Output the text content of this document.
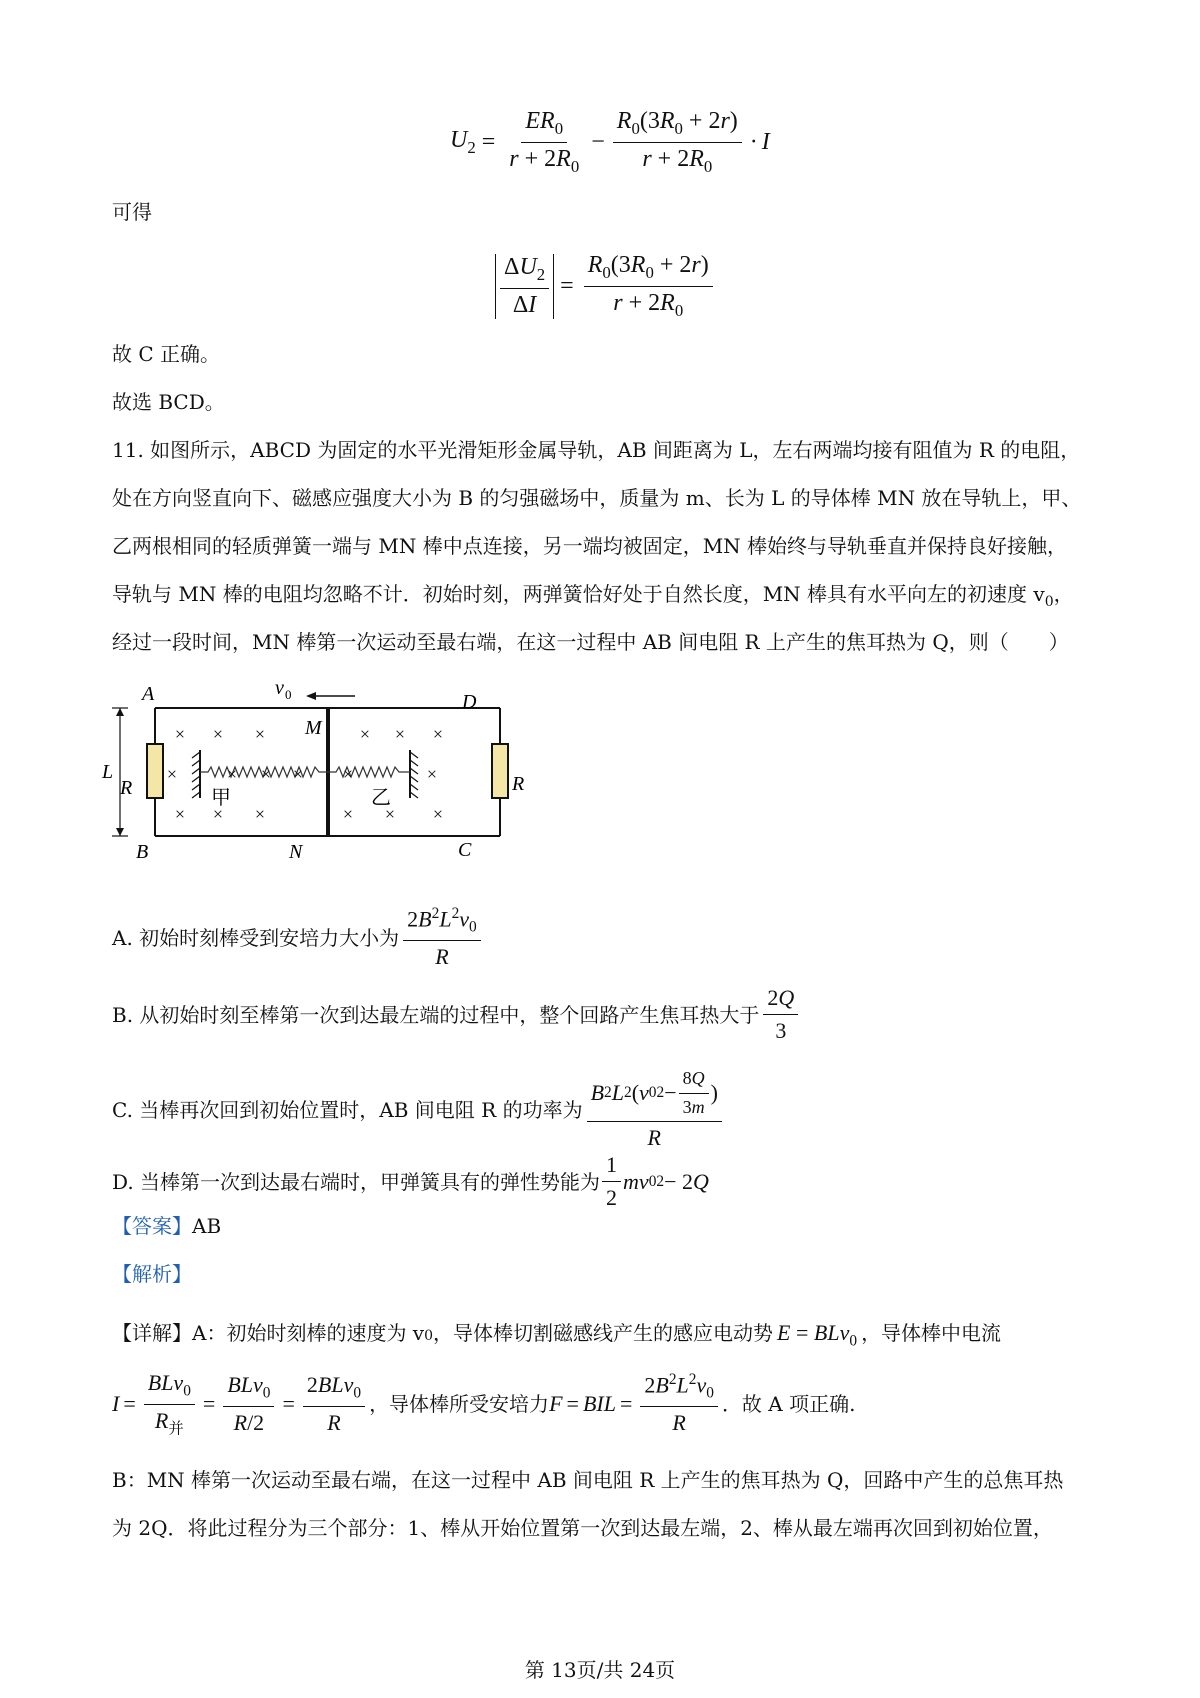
$U_2 = \frac{ER_0}{r + 2R_0} - \frac{R_0(3R_0 + 2r)}{r + 2R_0} \cdot I$
可得
$\frac{\Delta U_2}{\Delta I} = \frac{R_0(3R_0 + 2r)}{r + 2R_0}$
故 C 正确。
故选 BCD。
11. 如图所示，ABCD 为固定的水平光滑矩形金属导轨，AB 间距离为 L，左右两端均接有阻值为 R 的电阻，
处在方向竖直向下、磁感应强度大小为 B 的匀强磁场中，质量为 m、长为 L 的导体棒 MN 放在导轨上，甲、
乙两根相同的轻质弹簧一端与 MN 棒中点连接，另一端均被固定，MN 棒始终与导轨垂直并保持良好接触，
导轨与 MN 棒的电阻均忽略不计．初始时刻，两弹簧恰好处于自然长度，MN 棒具有水平向左的初速度 $v_0$，
经过一段时间，MN 棒第一次运动至最右端，在这一过程中 AB 间电阻 R 上产生的焦耳热为 Q，则（　　）
× × ×	× × ×
×	×	×
× × ×	× × ×
×
×
×
A
B
M
N
D
C
L
R	R
甲	乙
v 0
A. 初始时刻棒受到安培力大小为 $\frac{2B^2L^2v_0}{R}$
B. 从初始时刻至棒第一次到达最左端的过程中，整个回路产生焦耳热大于 $\frac{2Q}{3}$
C. 当棒再次回到初始位置时，AB 间电阻 R 的功率为 $\frac{B 2 L 2 ( v 0 2 - \frac{8Q}{3m} )}{R}$
D. 当棒第一次到达最右端时，甲弹簧具有的弹性势能为 $\frac{1}{2}$ mv 0 2 − 2 Q
【答案】AB
【解析】
【详解】 A：初始时刻棒的速度为 v 0 ，导体棒切割磁感线产生的感应电动势 E = BLv$_0$ ，导体棒中电流
$I = \frac{BLv_0}{R_并} = \frac{BLv_0}{R/2} = \frac{2BLv_0}{R}$ ，导体棒所受安培力 F = BIL = $\frac{2B^2L^2v_0}{R}$ ．故 A 项正确.
B：MN 棒第一次运动至最右端，在这一过程中 AB 间电阻 R 上产生的焦耳热为 Q，回路中产生的总焦耳热
为 2Q．将此过程分为三个部分：1、棒从开始位置第一次到达最左端，2、棒从最左端再次回到初始位置，
第 13页/共 24页
